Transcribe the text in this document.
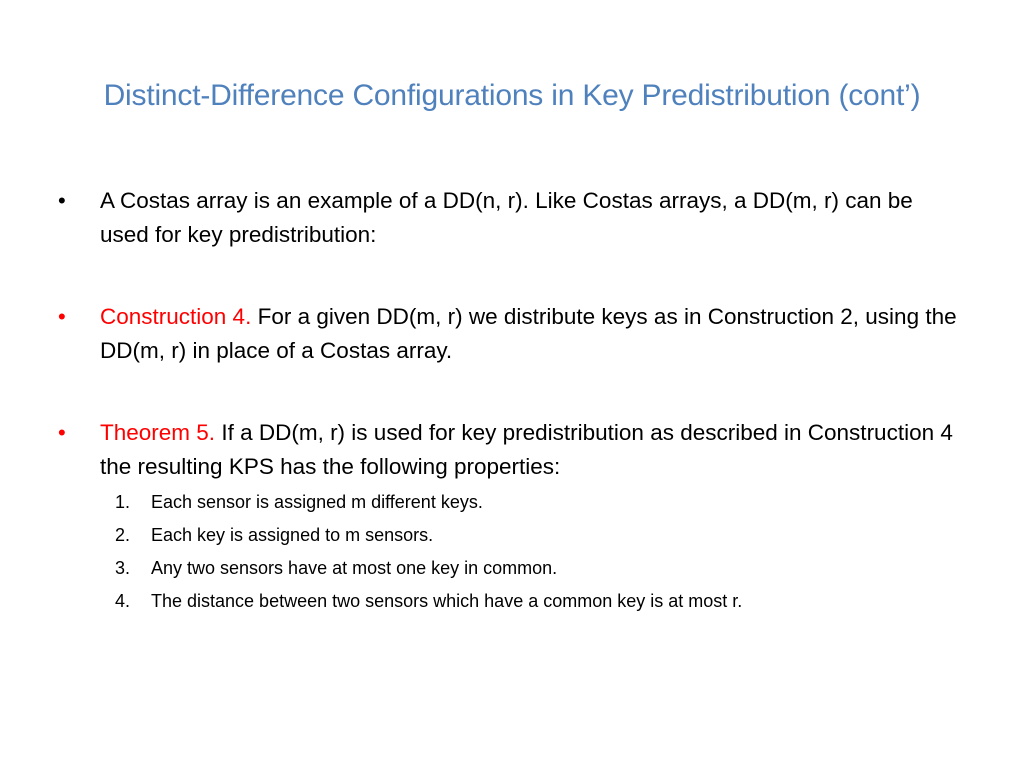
Distinct-Difference Configurations in Key Predistribution (cont’)
•	A Costas array is an example of a DD(n, r). Like Costas arrays, a DD(m, r) can be used for key predistribution:
•	Construction 4. For a given DD(m, r) we distribute keys as in Construction 2, using the DD(m, r) in place of a Costas array.
•	Theorem 5. If a DD(m, r) is used for key predistribution as described in Construction 4 the resulting KPS has the following properties:
1. Each sensor is assigned m different keys.
2. Each key is assigned to m sensors.
3. Any two sensors have at most one key in common.
4. The distance between two sensors which have a common key is at most r.
